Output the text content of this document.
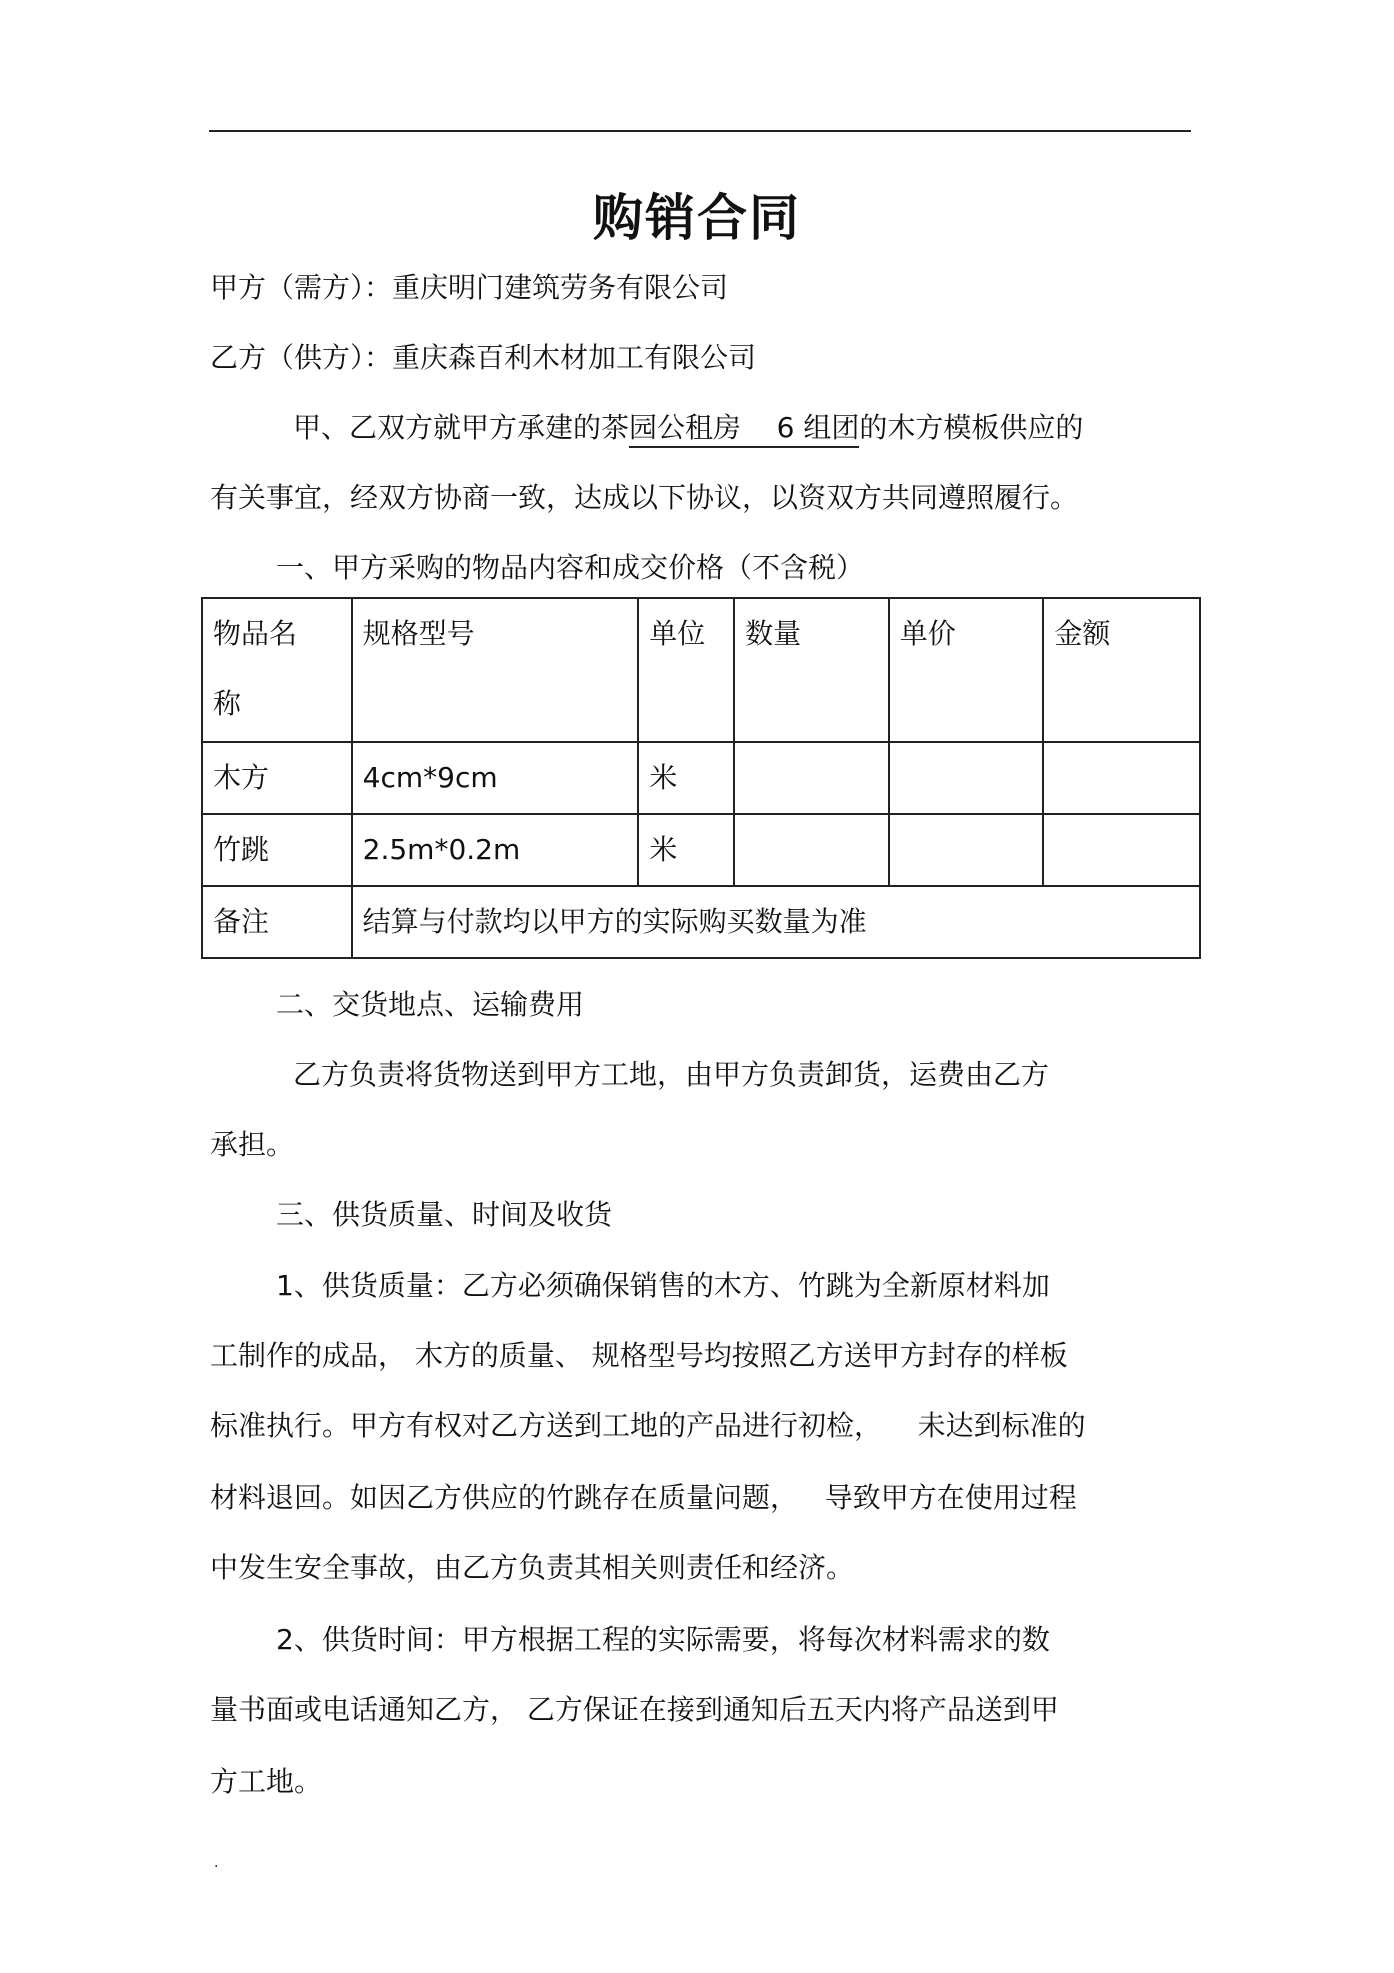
购销合同
甲方（需方）：重庆明门建筑劳务有限公司
乙方（供方）：重庆森百利木材加工有限公司
甲、乙双方就甲方承建的茶园公租房    6 组团的木方模板供应的
有关事宜，经双方协商一致，达成以下协议，以资双方共同遵照履行。
一、甲方采购的物品内容和成交价格（不含税）
物品名
称	规格型号	单位	数量	单价	金额

木方	4cm*9cm	米			

竹跳	2.5m*0.2m	米			

备注	结算与付款均以甲方的实际购买数量为准				
二、交货地点、运输费用
乙方负责将货物送到甲方工地，由甲方负责卸货，运费由乙方
承担。
三、供货质量、时间及收货
1、供货质量：乙方必须确保销售的木方、竹跳为全新原材料加
工制作的成品， 木方的质量、 规格型号均按照乙方送甲方封存的样板
标准执行。甲方有权对乙方送到工地的产品进行初检，    未达到标准的
材料退回。如因乙方供应的竹跳存在质量问题，   导致甲方在使用过程
中发生安全事故，由乙方负责其相关则责任和经济。
2、供货时间：甲方根据工程的实际需要，将每次材料需求的数
量书面或电话通知乙方， 乙方保证在接到通知后五天内将产品送到甲
方工地。
.
